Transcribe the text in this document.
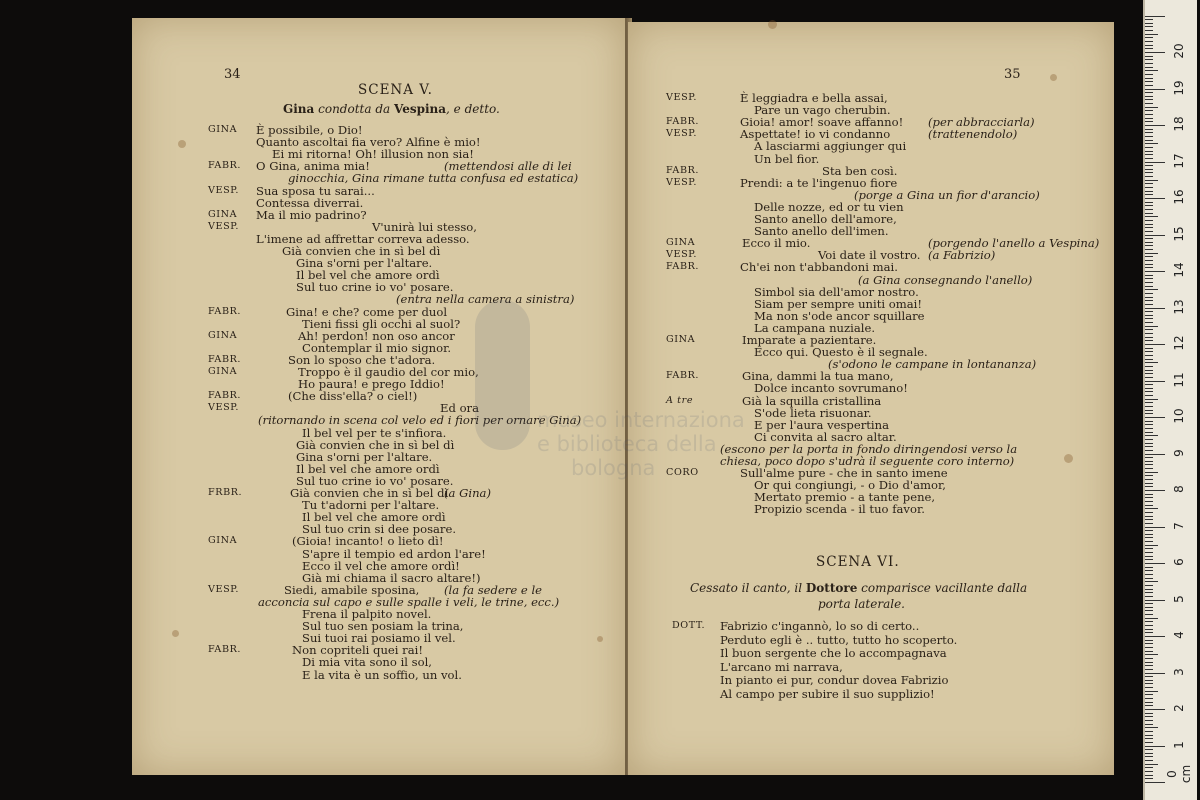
34
SCENA V.
Gina condotta da Vespina, e detto.
GINA È possibile, o Dio!
Quanto ascoltai fia vero? Alfine è mio!
Ei mi ritorna! Oh! illusion non sia!
FABR. O Gina, anima mia!	(mettendosi alle di lei
ginocchia, Gina rimane tutta confusa ed estatica)
VESP. Sua sposa tu sarai...
Contessa diverrai.
GINA Ma il mio padrino?
VESP.	V'unirà lui stesso,
L'imene ad affrettar correva adesso.
Già convien che in sì bel dì
Gina s'orni per l'altare.
Il bel vel che amore ordì
Sul tuo crine io vo' posare.
(entra nella camera a sinistra)
FABR.	Gina! e che? come per duol
Tieni fissi gli occhi al suol?
GINA	Ah! perdon! non oso ancor
Contemplar il mio signor.
FABR.	Son lo sposo che t'adora.
GINA	Troppo è il gaudio del cor mio,
Ho paura! e prego Iddio!
FABR.	(Che diss'ella? o ciel!)
VESP.	Ed ora
(ritornando in scena col velo ed i fiori per ornare Gina)
Il bel vel per te s'infiora.
Già convien che in sì bel dì
Gina s'orni per l'altare.
Il bel vel che amore ordì
Sul tuo crine io vo' posare.
FRBR.	Già convien che in sì bel dì
(a Gina)
Tu t'adorni per l'altare.
Il bel vel che amore ordì
Sul tuo crin si dee posare.
GINA	(Gioia! incanto! o lieto dì!
S'apre il tempio ed ardon l'are!
Ecco il vel che amore ordì!
Già mi chiama il sacro altare!)
VESP.	Siedi, amabile sposina, (la fa sedere e le
acconcia sul capo e sulle spalle i veli, le trine, ecc.)
Frena il palpito novel.
Sul tuo sen posiam la trina,
Sui tuoi rai posiamo il vel.
FABR.	Non copriteli quei rai!
Di mia vita sono il sol,
E la vita è un soffio, un vol.
35
VESP.	È leggiadra e bella assai,
Pare un vago cherubin.
FABR.	Gioia! amor! soave affanno! (per abbracciarla)
VESP.	Aspettate! io vi condanno	(trattenendolo)
A lasciarmi aggiunger qui
Un bel fior.
FABR.	Sta ben così.
VESP.	Prendi: a te l'ingenuo fiore
(porge a Gina un fior d'arancio)
Delle nozze, ed or tu vien
Santo anello dell'amore,
Santo anello dell'imen.
GINA	Ecco il mio.	(porgendo l'anello a Vespina)
VESP.	Voi date il vostro. (a Fabrizio)
FABR.	Ch'ei non t'abbandoni mai.
(a Gina consegnando l'anello)
Simbol sia dell'amor nostro.
Siam per sempre uniti omai!
Ma non s'ode ancor squillare
La campana nuziale.
GINA	Imparate a pazientare.
Ecco qui. Questo è il segnale.
(s'odono le campane in lontananza)
FABR.	Gina, dammi la tua mano,
Dolce incanto sovrumano!
A tre	Già la squilla cristallina
S'ode lieta risuonar.
E per l'aura vespertina
Ci convita al sacro altar.
(escono per la porta in fondo diringendosi verso la
chiesa, poco dopo s'udrà il seguente coro interno)
CORO	Sull'alme pure - che in santo imene
Or qui congiungi, - o Dio d'amor,
Mertato premio - a tante pene,
Propizio scenda - il tuo favor.
SCENA VI.
Cessato il canto, il Dottore comparisce vacillante dalla
porta laterale.
DOTT. Fabrizio c'ingannò, lo so di certo..
Perduto egli è .. tutto, tutto ho scoperto.
Il buon sergente che lo accompagnava
L'arcano mi narrava,
In pianto ei pur, condur dovea Fabrizio
Al campo per subire il suo supplizio!
0 cm
1
2
3
4
5
6
7
8
9
10
11
12
13
14
15
16
17
18
19
20
